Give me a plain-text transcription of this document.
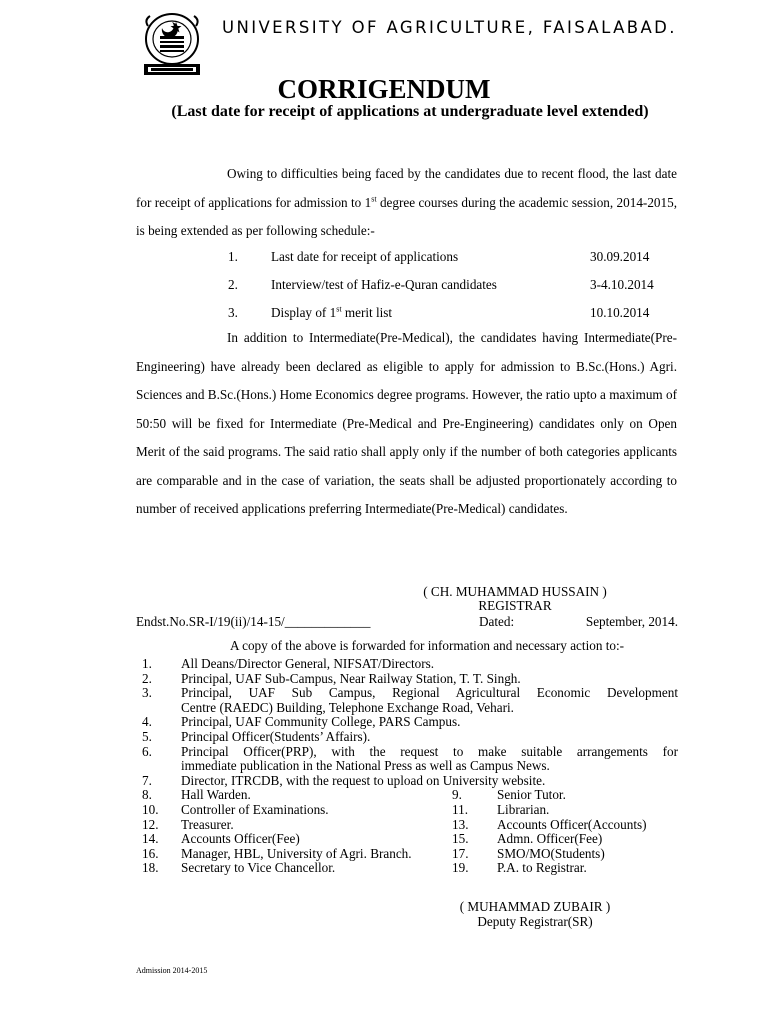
UNIVERSITY OF AGRICULTURE, FAISALABAD.
CORRIGENDUM
(Last date for receipt of applications at undergraduate level extended)
Owing to difficulties being faced by the candidates due to recent flood, the last date for receipt of applications for admission to 1st degree courses during the academic session, 2014-2015, is being extended as per following schedule:-
1.	Last date for receipt of applications	30.09.2014
2.	Interview/test of Hafiz-e-Quran candidates	3-4.10.2014
3.	Display of 1st merit list	10.10.2014
In addition to Intermediate(Pre-Medical), the candidates having Intermediate(Pre-Engineering) have already been declared as eligible to apply for admission to B.Sc.(Hons.) Agri. Sciences and B.Sc.(Hons.) Home Economics degree programs. However, the ratio upto a maximum of 50:50 will be fixed for Intermediate (Pre-Medical and Pre-Engineering) candidates only on Open Merit of the said programs. The said ratio shall apply only if the number of both categories applicants are comparable and in the case of variation, the seats shall be adjusted proportionately according to number of received applications preferring Intermediate(Pre-Medical) candidates.
( CH. MUHAMMAD HUSSAIN )
REGISTRAR
Endst.No.SR-I/19(ii)/14-15/_____________	Dated:	September, 2014.
A copy of the above is forwarded for information and necessary action to:-
1. All Deans/Director General, NIFSAT/Directors.
2. Principal, UAF Sub-Campus, Near Railway Station, T. T. Singh.
3. Principal, UAF Sub Campus, Regional Agricultural Economic Development
Centre (RAEDC) Building, Telephone Exchange Road, Vehari.
4. Principal, UAF Community College, PARS Campus.
5. Principal Officer(Students’ Affairs).
6. Principal Officer(PRP), with the request to make suitable arrangements for
immediate publication in the National Press as well as Campus News.
7. Director, ITRCDB, with the request to upload on University website.
8. Hall Warden.	9.	Senior Tutor.
10. Controller of Examinations.	11. Librarian.
12. Treasurer.	13. Accounts Officer(Accounts)
14. Accounts Officer(Fee)	15. Admn. Officer(Fee)
16. Manager, HBL, University of Agri. Branch.	17. SMO/MO(Students)
18. Secretary to Vice Chancellor.	19. P.A. to Registrar.
( MUHAMMAD ZUBAIR )
Deputy Registrar(SR)
Admission 2014-2015
